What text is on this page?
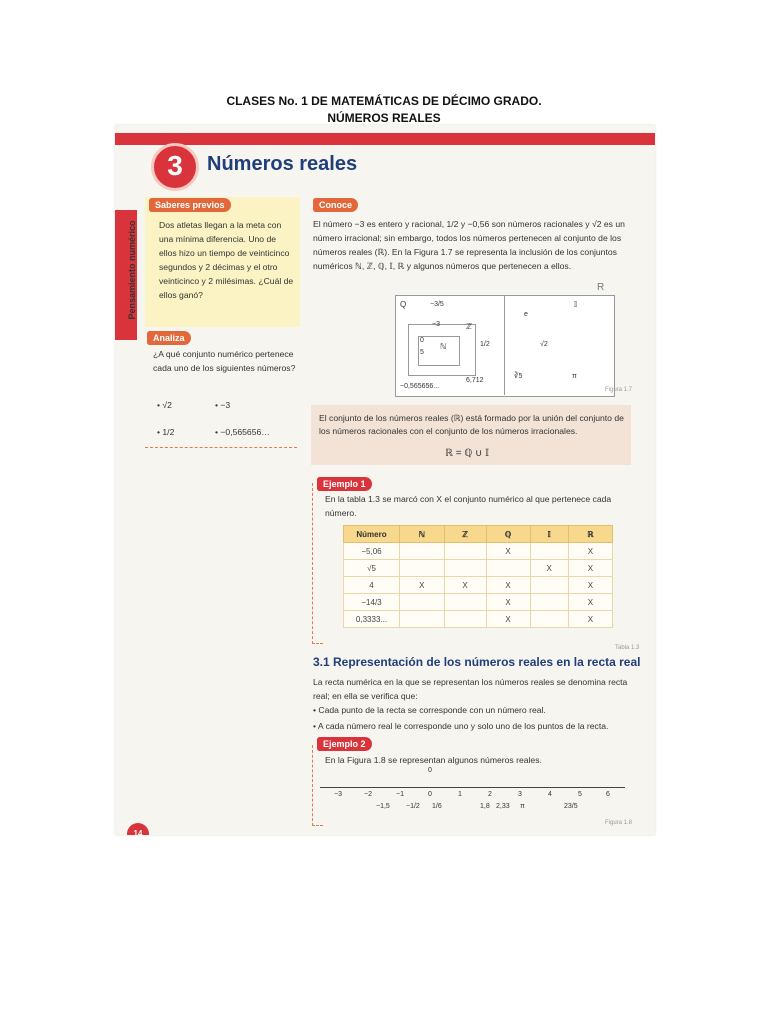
CLASES No. 1 DE MATEMÁTICAS DE DÉCIMO GRADO.
NÚMEROS REALES
3	Números reales
Pensamiento numérico
Saberes previos
Dos atletas llegan a la meta con una mínima diferencia. Uno de ellos hizo un tiempo de veinticinco segundos y 2 décimas y el otro veinticinco y 2 milésimas. ¿Cuál de ellos ganó?
Analiza
¿A qué conjunto numérico pertenece cada uno de los siguientes números?
• √2	• −3
• 1/2	• −0,565656…
Conoce
El número −3 es entero y racional, 1/2 y −0,56 son números racionales y √2 es un número irracional; sin embargo, todos los números pertenecen al conjunto de los números reales (ℝ). En la Figura 1.7 se representa la inclusión de los conjuntos numéricos ℕ, ℤ, ℚ, 𝕀, ℝ y algunos números que pertenecen a ellos.
Q
ℤ
ℕ
𝕀
−3/5
−3
0
5
1/2
e
√2
∛5	π
−0,565656...
6,712
R
Figura 1.7
El conjunto de los números reales (ℝ) está formado por la unión del conjunto de los números racionales con el conjunto de los números irracionales.
ℝ = ℚ ∪ 𝕀
Ejemplo 1
En la tabla 1.3 se marcó con X el conjunto numérico al que pertenece cada número.
Número	ℕ	ℤ	ℚ	𝕀	ℝ
−5,06			X		X
√5				X	X
4	X	X	X		X
−14/3			X		X
0,3333...			X		X
Tabla 1.3
3.1 Representación de los números reales en la recta real
La recta numérica en la que se representan los números reales se denomina recta real; en ella se verifica que:
• Cada punto de la recta se corresponde con un número real.
• A cada número real le corresponde uno y solo uno de los puntos de la recta.
Ejemplo 2
En la Figura 1.8 se representan algunos números reales.
0
−3	−2	−1	0	1	2	3	4	5	6
−1,5 −1/2 1/6	1,8 2,33 π	23/5
Figura 1.8
14
